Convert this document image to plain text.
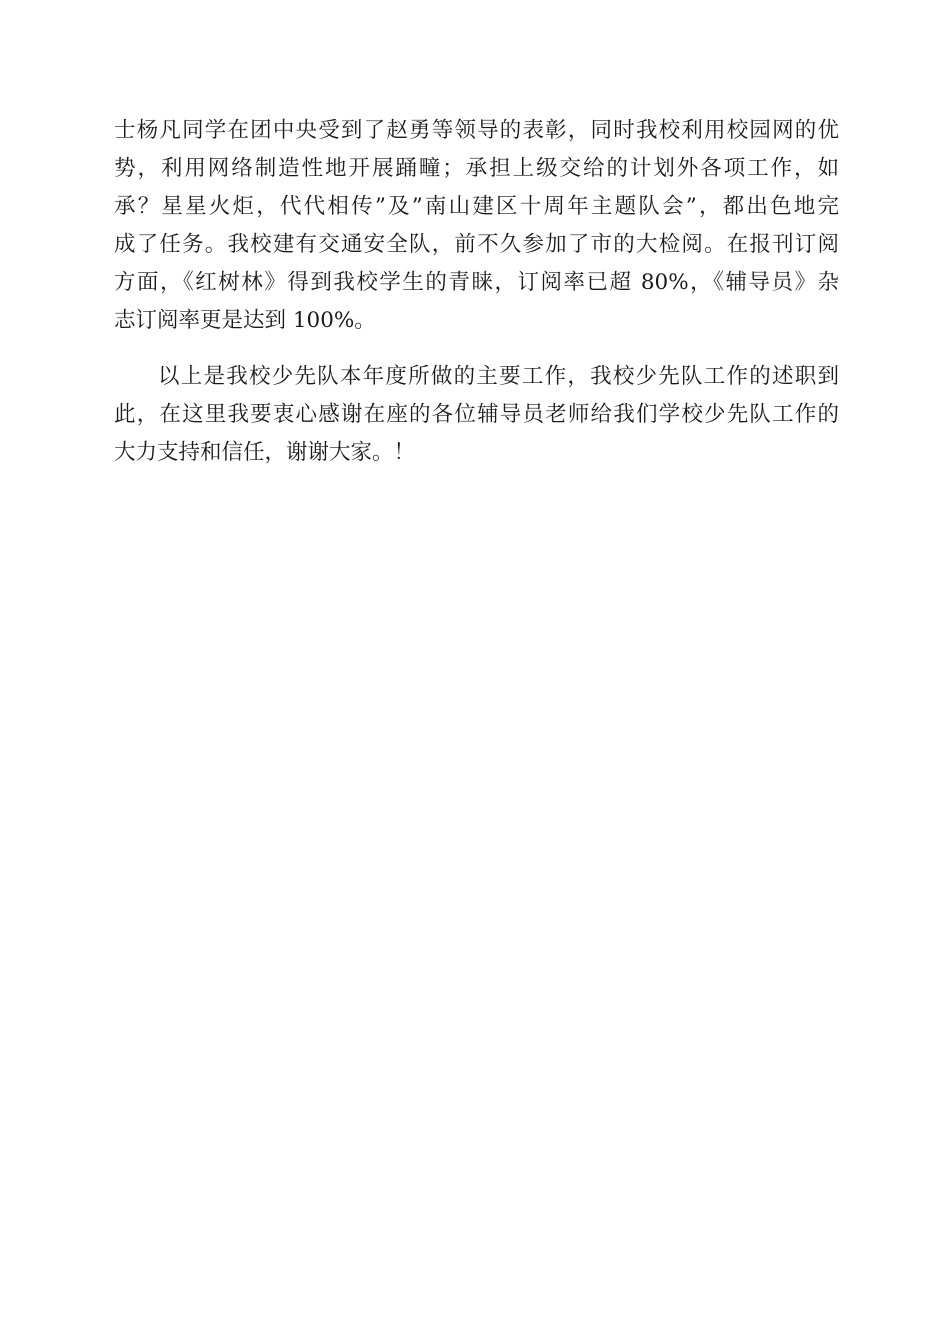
士杨凡同学在团中央受到了赵勇等领导的表彰，同时我校利用校园网的优
势，利用网络制造性地开展踊疃；承担上级交给的计划外各项工作，如
承？星星火炬，代代相传”及”南山建区十周年主题队会”，都出色地完
成了任务。我校建有交通安全队，前不久参加了市的大检阅。在报刊订阅
方面，《红树林》得到我校学生的青睐，订阅率已超 80%，《辅导员》杂
志订阅率更是达到 100%。
以上是我校少先队本年度所做的主要工作，我校少先队工作的述职到
此，在这里我要衷心感谢在座的各位辅导员老师给我们学校少先队工作的
大力支持和信任，谢谢大家。！
